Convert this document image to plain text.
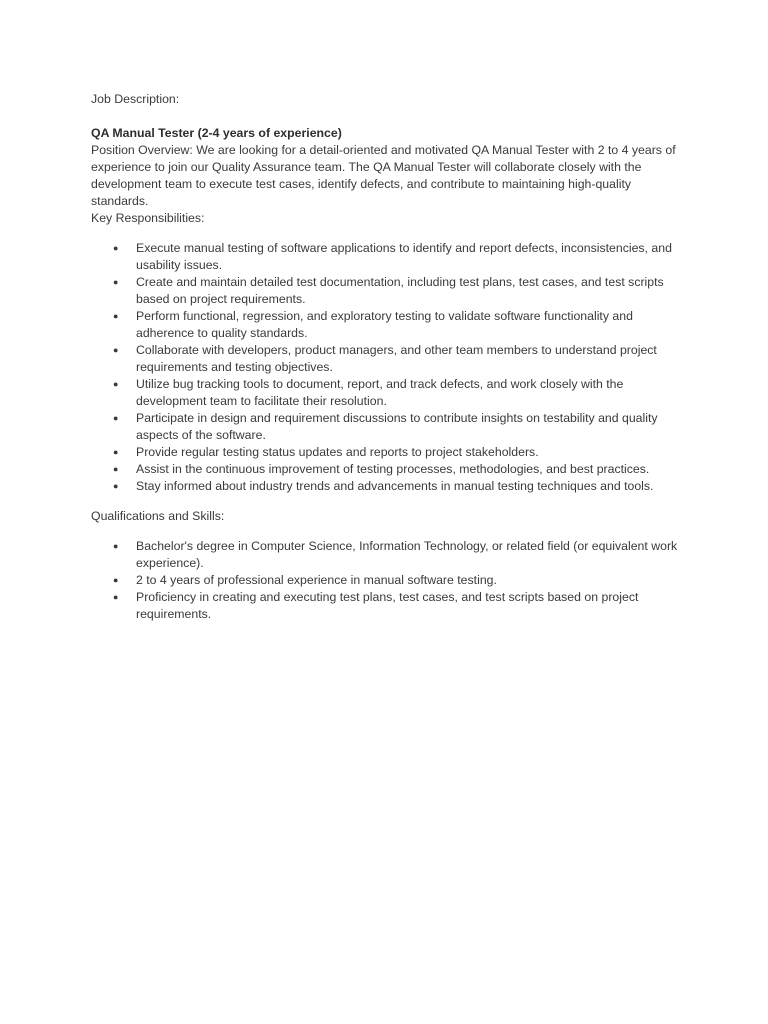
Job Description:

QA Manual Tester (2-4 years of experience)

Position Overview: We are looking for a detail-oriented and motivated QA Manual Tester with 2 to 4 years of experience to join our Quality Assurance team. The QA Manual Tester will collaborate closely with the development team to execute test cases, identify defects, and contribute to maintaining high-quality standards.

Key Responsibilities:

● Execute manual testing of software applications to identify and report defects, inconsistencies, and usability issues.
● Create and maintain detailed test documentation, including test plans, test cases, and test scripts based on project requirements.
● Perform functional, regression, and exploratory testing to validate software functionality and adherence to quality standards.
● Collaborate with developers, product managers, and other team members to understand project requirements and testing objectives.
● Utilize bug tracking tools to document, report, and track defects, and work closely with the development team to facilitate their resolution.
● Participate in design and requirement discussions to contribute insights on testability and quality aspects of the software.
● Provide regular testing status updates and reports to project stakeholders.
● Assist in the continuous improvement of testing processes, methodologies, and best practices.
● Stay informed about industry trends and advancements in manual testing techniques and tools.

Qualifications and Skills:

● Bachelor's degree in Computer Science, Information Technology, or related field (or equivalent work experience).
● 2 to 4 years of professional experience in manual software testing.
● Proficiency in creating and executing test plans, test cases, and test scripts based on project requirements.
